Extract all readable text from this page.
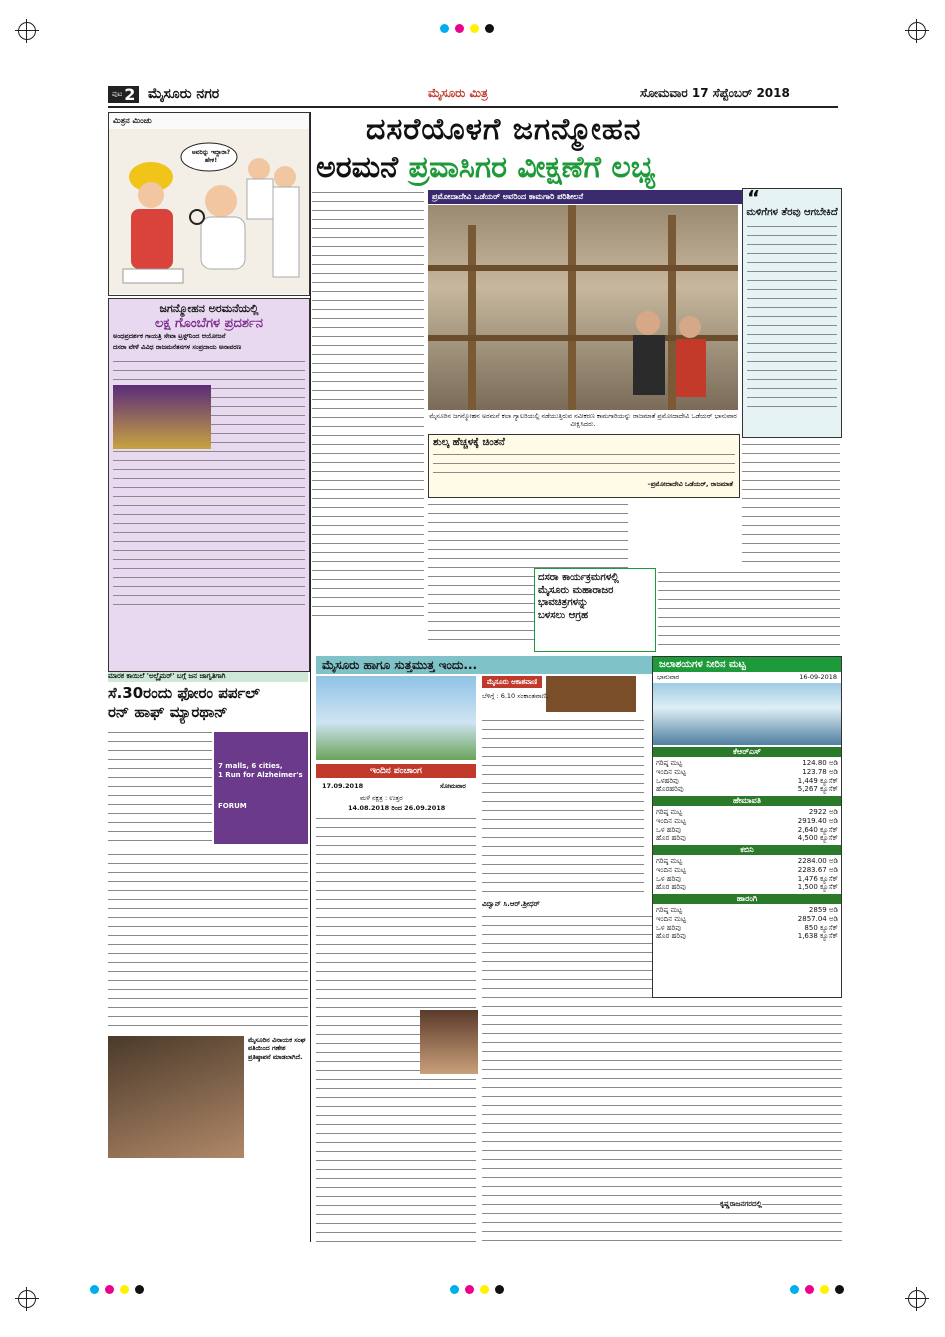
ಪುಟ 2 ಮೈಸೂರು ನಗರ	ಮೈಸೂರು ಮಿತ್ರ	ಸೋಮವಾರ 17 ಸೆಪ್ಟೆಂಬರ್ 2018
ಮಿತ್ರನ ಮಿಂಚು
ಅವರಿನ್ನು ಇದ್ದಾರಾ? ಹೇಳಿ!
ದಸರೆಯೊಳಗೆ ಜಗನ್ಮೋಹನ
ಅರಮನೆ ಪ್ರವಾಸಿಗರ ವೀಕ್ಷಣೆಗೆ ಲಭ್ಯ
ಪ್ರಮೋದಾದೇವಿ ಒಡೆಯರ್ ಅವರಿಂದ ಕಾಮಗಾರಿ ಪರಿಶೀಲನೆ
ಮೈಸೂರಿನ ಜಗನ್ಮೋಹನ ಅರಮನೆ ಕಲಾ ಗ್ಯಾಲರಿಯಲ್ಲಿ ನಡೆಯುತ್ತಿರುವ ನವೀಕರಣ ಕಾಮಗಾರಿಯನ್ನು ರಾಜಮಾತೆ ಪ್ರಮೋದಾದೇವಿ ಒಡೆಯರ್ ಭಾನುವಾರ ವೀಕ್ಷಿಸಿದರು.
“
ಮಳಿಗೆಗಳ ತೆರವು ಆಗಬೇಕಿದೆ
ಶುಲ್ಕ ಹೆಚ್ಚಳಕ್ಕೆ ಚಿಂತನೆ
–ಪ್ರಮೋದಾದೇವಿ ಒಡೆಯರ್, ರಾಜಮಾತೆ
ದಸರಾ ಕಾರ್ಯಕ್ರಮಗಳಲ್ಲಿ
ಮೈಸೂರು ಮಹಾರಾಜರ
ಭಾವಚಿತ್ರಗಳನ್ನು
ಬಳಸಲು ಆಗ್ರಹ
ಜಗನ್ಮೋಹನ ಅರಮನೆಯಲ್ಲಿ
ಲಕ್ಷ ಗೊಂಬೆಗಳ ಪ್ರದರ್ಶನ
ಅಂಧಪ್ರದರ್ಶಕ ಗಾಯತ್ರಿ ಸೇವಾ ಟ್ರಸ್ಟ್‌ನಿಂದ ಆಯೋಜನೆ
ದಸರಾ ವೇಳೆ ವಿವಿಧ ರಾಜಮನೆತನಗಳ ಸಂಪ್ರದಾಯ ಅನಾವರಣ
ಮಾರಕ ಕಾಯಿಲೆ 'ಅಲ್ಜೈಮರ್' ಬಗ್ಗೆ ಜನ ಜಾಗೃತಿಗಾಗಿ
ಸೆ.30ರಂದು ಫೋರಂ ಪರ್ಪಲ್
ರನ್ ಹಾಫ್ ಮ್ಯಾರಥಾನ್
7 malls, 6 cities,
1 Run for Alzheimer's
FORUM
ಮೈಸೂರಿನ ವಿನಾಯಕ ಸಂಘ ವತಿಯಿಂದ ಗಣೇಶ ಪ್ರತಿಷ್ಠಾಪನೆ ಮಾಡಲಾಗಿದೆ.
ಮೈಸೂರು ಹಾಗೂ ಸುತ್ತಮುತ್ತ ಇಂದು...
ಇಂದಿನ ಪಂಚಾಂಗ
17.09.2018	ಸೋಮವಾರ
ಮಳೆ ನಕ್ಷತ್ರ : ಉತ್ತರ
14.08.2018 ರಿಂದ 26.09.2018
ಮೈಸೂರು ಆಕಾಶವಾಣಿ
ಬೆಳಿಗ್ಗೆ : 6.10 ಸಂಕಾಂತವಾಣಿ,
ವಿದ್ವಾನ್ ಸಿ.ಆರ್.ಶ್ರೀಧರ್
ಕೃಷ್ಣರಾಜನಗರದಲ್ಲಿ
ಜಲಾಶಯಗಳ ನೀರಿನ ಮಟ್ಟ
ಭಾನುವಾರ	16-09-2018
ಕೆಆರ್‌ಎಸ್
ಗರಿಷ್ಠ ಮಟ್ಟ	124.80 ಅಡಿ
ಇಂದಿನ ಮಟ್ಟ	123.78 ಅಡಿ
ಒಳಹರಿವು	1,449 ಕ್ಯೂಸೆಕ್
ಹೊರಹರಿವು	5,267 ಕ್ಯೂಸೆಕ್
ಹೇಮಾವತಿ
ಗರಿಷ್ಠ ಮಟ್ಟ	2922 ಅಡಿ
ಇಂದಿನ ಮಟ್ಟ	2919.40 ಅಡಿ
ಒಳ ಹರಿವು	2,640 ಕ್ಯೂಸೆಕ್
ಹೊರ ಹರಿವು	4,500 ಕ್ಯೂಸೆಕ್
ಕಬಿನಿ
ಗರಿಷ್ಠ ಮಟ್ಟ	2284.00 ಅಡಿ
ಇಂದಿನ ಮಟ್ಟ	2283.67 ಅಡಿ
ಒಳ ಹರಿವು	1,476 ಕ್ಯೂಸೆಕ್
ಹೊರ ಹರಿವು	1,500 ಕ್ಯೂಸೆಕ್
ಹಾರಂಗಿ
ಗರಿಷ್ಠ ಮಟ್ಟ	2859 ಅಡಿ
ಇಂದಿನ ಮಟ್ಟ	2857.04 ಅಡಿ
ಒಳ ಹರಿವು	850 ಕ್ಯೂಸೆಕ್
ಹೊರ ಹರಿವು	1,638 ಕ್ಯೂಸೆಕ್
